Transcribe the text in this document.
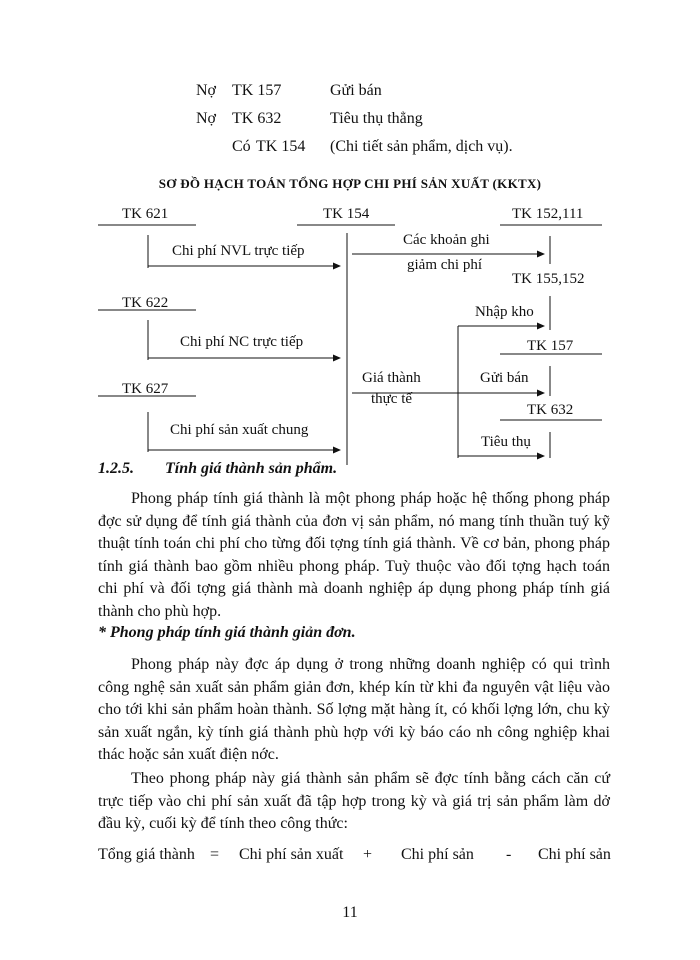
Nợ TK 157	Gửi bán
Nợ TK 632	Tiêu thụ thẳng
Có TK 154 (Chi tiết sản phẩm, dịch vụ).
SƠ ĐỒ HẠCH TOÁN TỔNG HỢP CHI PHÍ SẢN XUẤT (KKTX)
TK 621	TK 154	TK 152,111
Chi phí NVL trực tiếp
Các khoản ghi
giảm chi phí
TK 155,152
TK 622
Nhập kho
Chi phí NC trực tiếp	TK 157
Giá thành	Gửi bán
TK 627
thực tế
TK 632
Chi phí sản xuất chung
Tiêu thụ
1.2.5. Tính giá thành sản phẩm.

Phong pháp tính giá thành là một phong pháp hoặc hệ thống phong pháp đợc sử dụng để tính giá thành của đơn vị sản phẩm, nó mang tính thuần tuý kỹ thuật tính toán chi phí cho từng đối tợng tính giá thành. Về cơ bản, phong pháp tính giá thành bao gồm nhiều phong pháp. Tuỳ thuộc vào đối tợng hạch toán chi phí và đối tợng giá thành mà doanh nghiệp áp dụng phong pháp tính giá thành cho phù hợp.

* Phong pháp tính giá thành giản đơn.

Phong pháp này đợc áp dụng ở trong những doanh nghiệp có qui trình công nghệ sản xuất sản phẩm giản đơn, khép kín từ khi đa nguyên vật liệu vào cho tới khi sản phẩm hoàn thành. Số lợng mặt hàng ít, có khối lợng lớn, chu kỳ sản xuất ngắn, kỳ tính giá thành phù hợp với kỳ báo cáo nh công nghiệp khai thác hoặc sản xuất điện nớc.

Theo phong pháp này giá thành sản phẩm sẽ đợc tính bằng cách căn cứ trực tiếp vào chi phí sản xuất đã tập hợp trong kỳ và giá trị sản phẩm làm dở đầu kỳ, cuối kỳ để tính theo công thức:

Tổng giá thành = Chi phí sản xuất + Chi phí sản - Chi phí sản
11
